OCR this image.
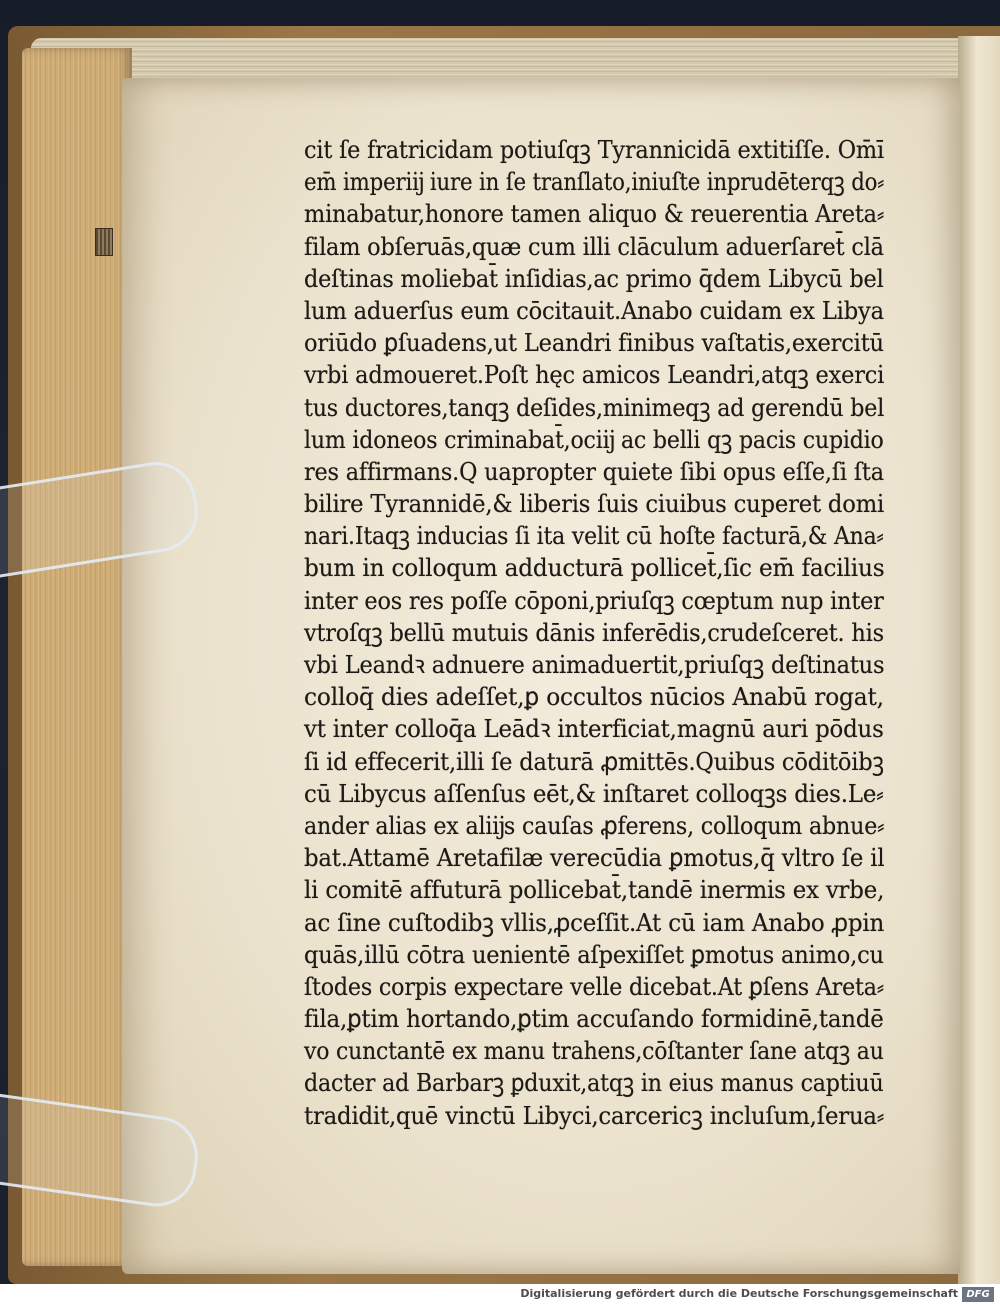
cit ſe fratricidam potiuſqꝫ Tyrannicidā extitiſſe. Om̄ī
em̄ imperiĳ iure in ſe tranſlato,iniuſte inprudēterqꝫ do⸗
minabatur,honore tamen aliquo & reuerentia Areta⸗
filam obſeruās,quæ cum illi clāculum aduerſaret̄ clā
deſtinas moliebat̄ inſidias,ac primo q̄dem Libycū bel
lum aduerſus eum cōcitauit.Anabo cuidam ex Libya
oriūdo ꝑſuadens,ut Leandri finibus vaſtatis,exercitū
vrbi admoueret.Poſt hęc amicos Leandri,atqꝫ exerci
tus ductores,tanqꝫ deſides,minimeqꝫ ad gerendū bel
lum idoneos criminabat̄,ociĳ ac belli qꝫ pacis cupidio
res affirmans.Q uapropter quiete ſibi opus eſſe,ſi ſta
bilire Tyrannidē,& liberis ſuis ciuibus cuperet domi
nari.Itaqꝫ inducias ſi ita velit cū hoſte facturā,& Ana⸗
bum in colloqum adducturā pollicet̄,ſic em̄ facilius
inter eos res poſſe cōponi,priuſqꝫ cœptum nup inter
vtroſqꝫ bellū mutuis dānis inferēdis,crudeſceret. his
vbi Leandꝛ adnuere animaduertit,priuſqꝫ deſtinatus
colloq̄ dies adeſſet,ꝑ occultos nūcios Anabū rogat,
vt inter colloq̄a Leādꝛ interficiat,magnū auri pōdus
ſi id effecerit,illi ſe daturā ꝓmittēs.Quibus cōditōibꝫ
cū Libycus aſſenſus eēt,& inſtaret colloqꝫs dies.Le⸗
ander alias ex aliĳs cauſas ꝓferens, colloqum abnue⸗
bat.Attamē Aretafilæ verecūdia ꝑmotus,q̄ vltro ſe il
li comitē affuturā pollicebat̄,tandē inermis ex vrbe,
ac ſine cuſtodibꝫ vllis,ꝓceſſit.At cū iam Anabo ꝓpin
quās,illū cōtra uenientē aſpexiſſet ꝑmotus animo,cu
ſtodes corpis expectare velle dicebat.At ꝑſens Areta⸗
fila,ꝑtim hortando,ꝑtim accuſando formidinē,tandē
vo cunctantē ex manu trahens,cōſtanter ſane atqꝫ au
dacter ad Barbarꝫ ꝑduxit,atqꝫ in eius manus captiuū
tradidit,quē vinctū Libyci,carcericꝫ incluſum,ſerua⸗
Digitalisierung gefördert durch die Deutsche Forschungsgemeinschaft DFG
